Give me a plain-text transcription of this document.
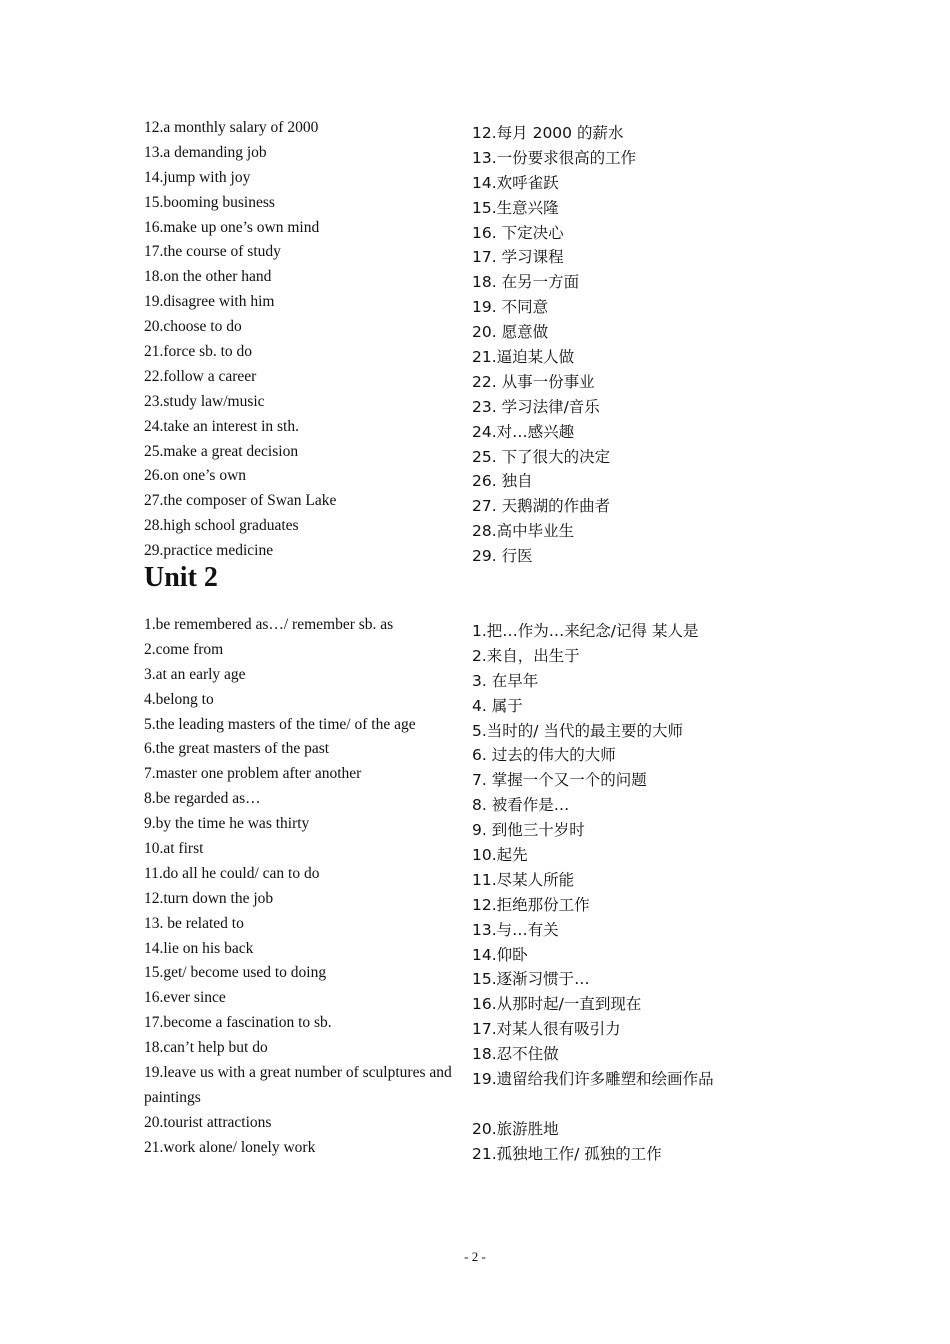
12.a monthly salary of 2000
13.a demanding job
14.jump with joy
15.booming business
16.make up one’s own mind
17.the course of study
18.on the other hand
19.disagree with him
20.choose to do
21.force sb. to do
22.follow a career
23.study law/music
24.take an interest in sth.
25.make a great decision
26.on one’s own
27.the composer of Swan Lake
28.high school graduates
29.practice medicine
12.每月 2000 的薪水
13.一份要求很高的工作
14.欢呼雀跃
15.生意兴隆
16. 下定决心
17. 学习课程
18. 在另一方面
19. 不同意
20. 愿意做
21.逼迫某人做
22. 从事一份事业
23. 学习法律/音乐
24.对…感兴趣
25. 下了很大的决定
26. 独自
27. 天鹅湖的作曲者
28.高中毕业生
29. 行医
Unit 2
1.be remembered as…/ remember sb. as
2.come from
3.at an early age
4.belong to
5.the leading masters of the time/ of the age
6.the great masters of the past
7.master one problem after another
8.be regarded as…
9.by the time he was thirty
10.at first
11.do all he could/ can to do
12.turn down the job
13. be related to
14.lie on his back
15.get/ become used to doing
16.ever since
17.become a fascination to sb.
18.can’t help but do
19.leave us with a great number of sculptures and paintings
20.tourist attractions
21.work alone/ lonely work
1.把…作为…来纪念/记得 某人是
2.来自，出生于
3. 在早年
4. 属于
5.当时的/ 当代的最主要的大师
6. 过去的伟大的大师
7. 掌握一个又一个的问题
8. 被看作是…
9. 到他三十岁时
10.起先
11.尽某人所能
12.拒绝那份工作
13.与…有关
14.仰卧
15.逐渐习惯于…
16.从那时起/一直到现在
17.对某人很有吸引力
18.忍不住做
19.遗留给我们许多雕塑和绘画作品
20.旅游胜地
21.孤独地工作/ 孤独的工作
- 2 -
